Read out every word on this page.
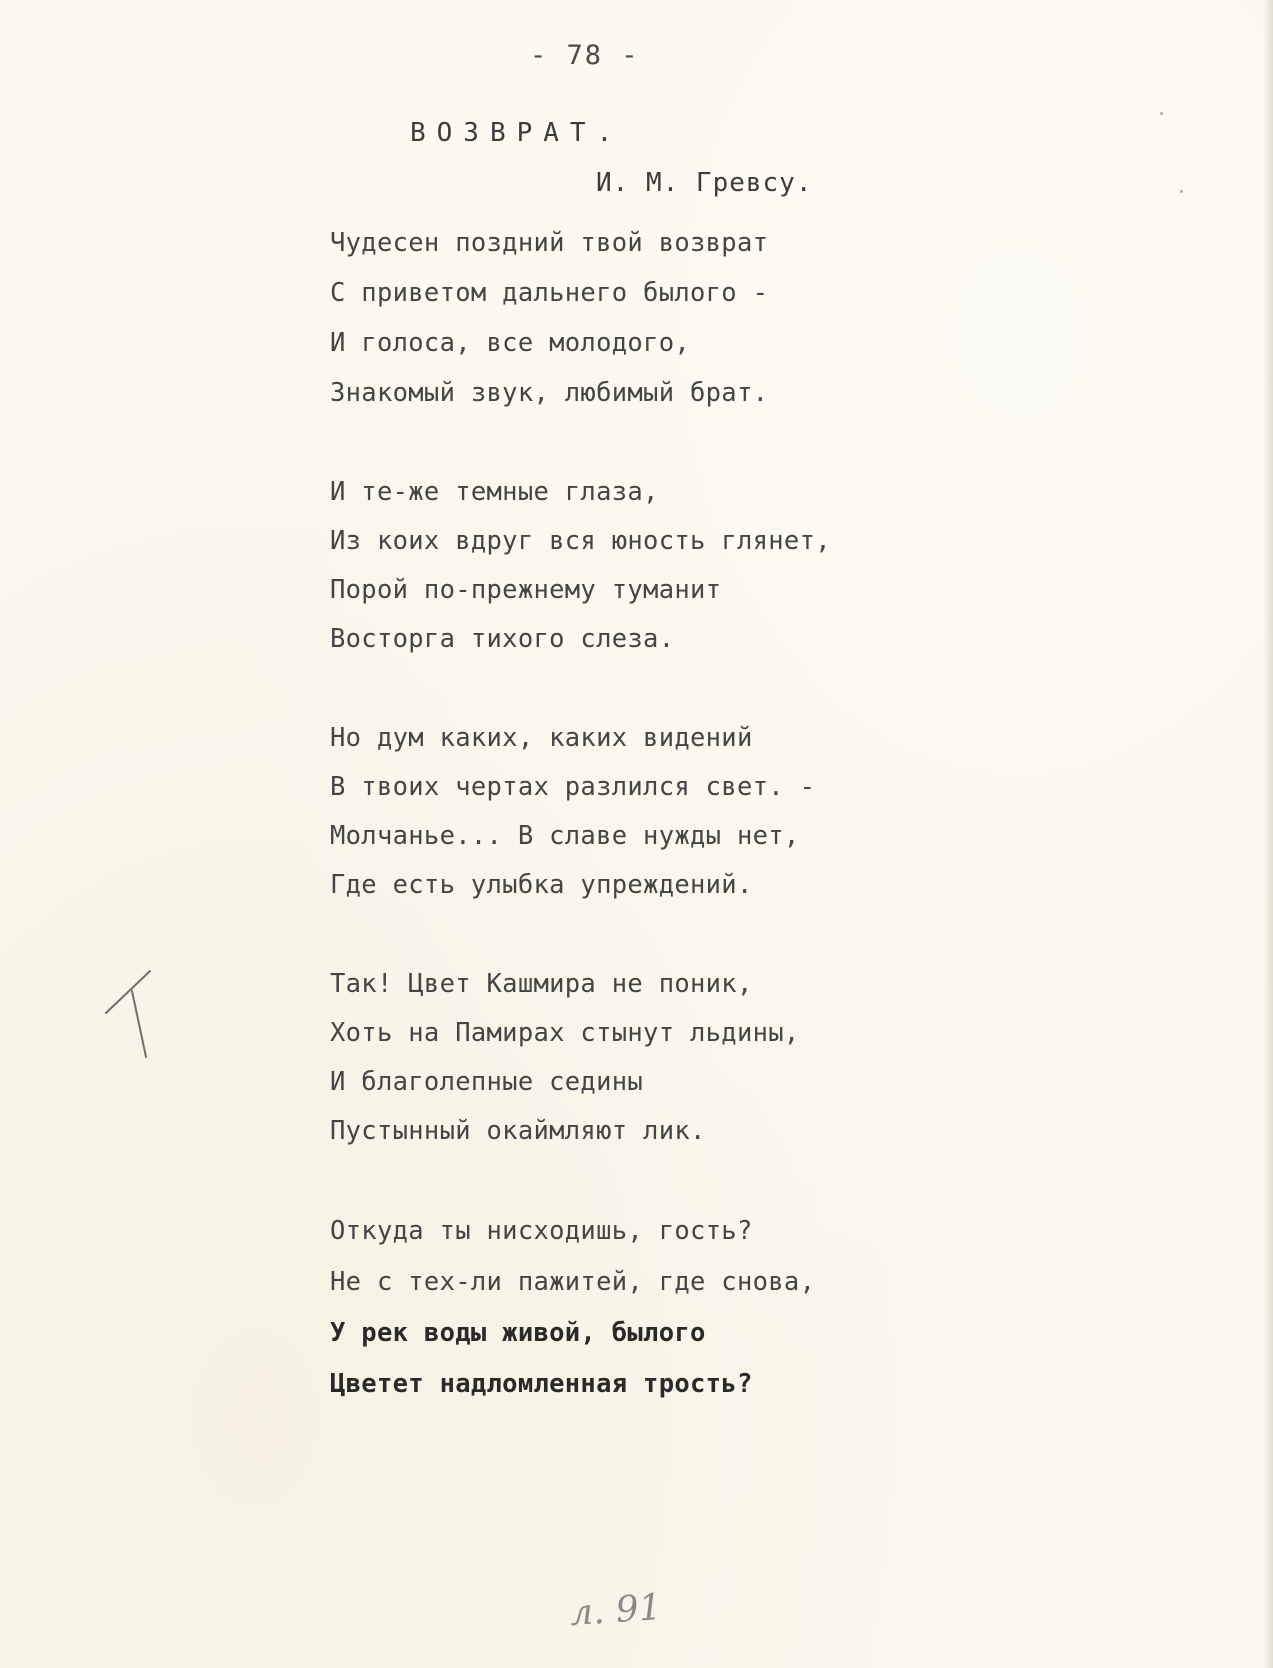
- 78 -
ВОЗВРАТ.
И. М. Гревсу.
Чудесен поздний твой возврат
С приветом дальнего былого -
И голоса, все молодого,
Знакомый звук, любимый брат.
И те-же темные глаза,
Из коих вдруг вся юность глянет,
Порой по-прежнему туманит
Восторга тихого слеза.
Но дум каких, каких видений
В твоих чертах разлился свет. -
Молчанье... В славе нужды нет,
Где есть улыбка упреждений.
Так! Цвет Кашмира не поник,
Хоть на Памирах стынут льдины,
И благолепные седины
Пустынный окаймляют лик.
Откуда ты нисходишь, гость?
Не с тех-ли пажитей, где снова,
У рек воды живой, былого
Цветет надломленная трость?
л. 91
